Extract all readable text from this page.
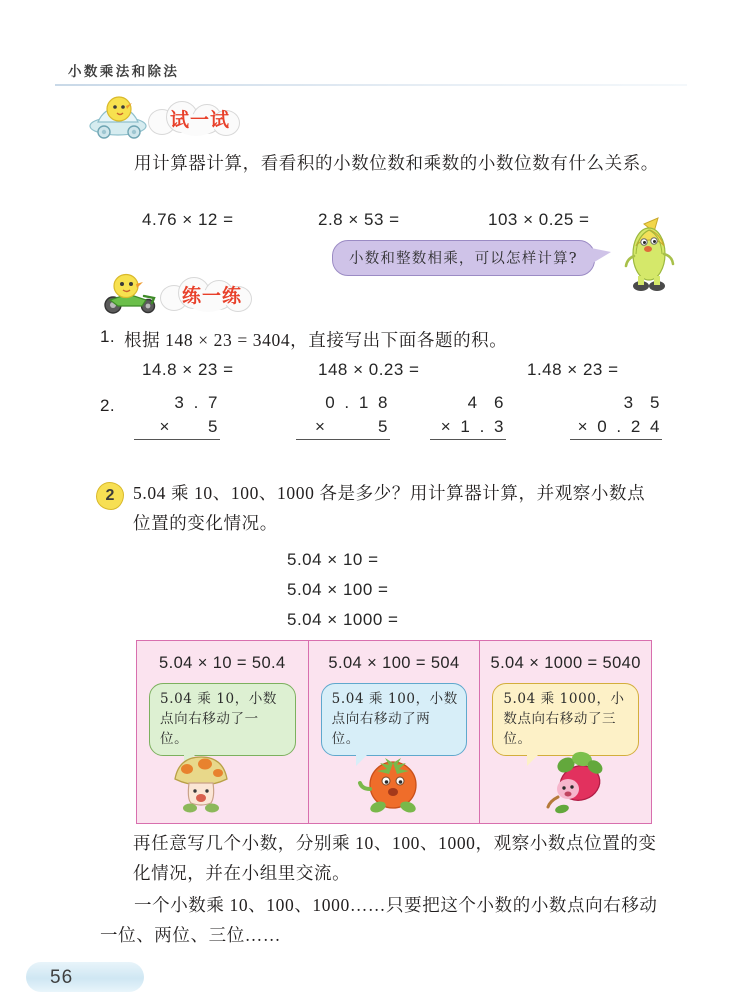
小数乘法和除法
试一试
用计算器计算，看看积的小数位数和乘数的小数位数有什么关系。
4.76 × 12 =	2.8 × 53 =	103 × 0.25 =
小数和整数相乘，可以怎样计算?
练一练
1. 根据 148 × 23 = 3404，直接写出下面各题的积。
14.8 × 23 =	148 × 0.23 =	1.48 × 23 =
2.	3 . 7
×     5
0 . 1 8
×       5
4  6
× 1 . 3
3  5
× 0 . 2 4
2	5.04 乘 10、100、1000 各是多少？用计算器计算，并观察小数点位置的变化情况。
5.04 × 10 =
5.04 × 100 =
5.04 × 1000 =
5.04 × 10 = 50.4
5.04 乘 10，小数点向右移动了一位。
5.04 × 100 = 504
5.04 乘 100，小数点向右移动了两位。
5.04 × 1000 = 5040
5.04 乘 1000，小数点向右移动了三位。
再任意写几个小数，分别乘 10、100、1000，观察小数点位置的变化情况，并在小组里交流。
一个小数乘 10、100、1000……只要把这个小数的小数点向右移动一位、两位、三位……
56
